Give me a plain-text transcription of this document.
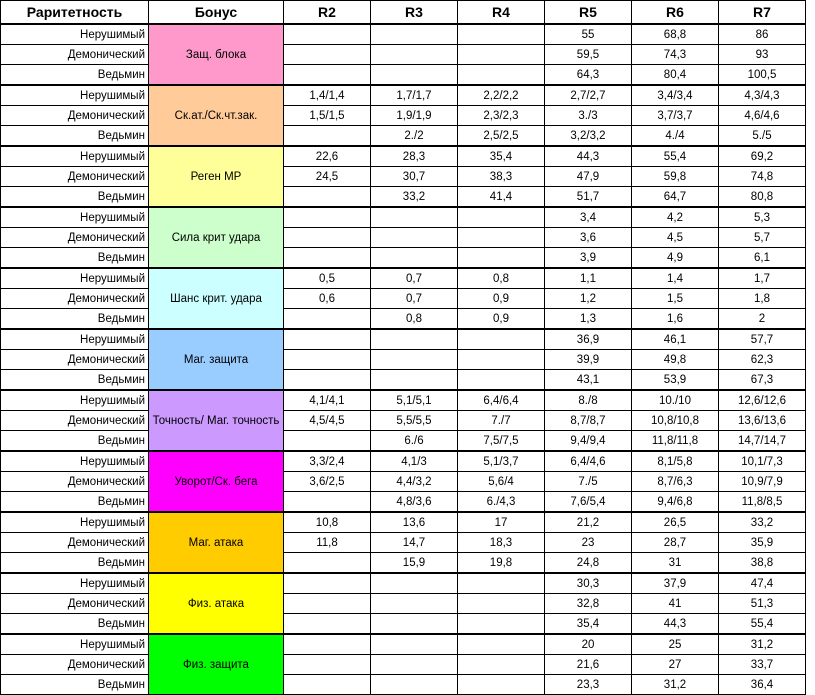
Раритетность	Бонус	R2	R3	R4	R5	R6	R7
Нерушимый	Защ. блока				55	68,8	86
Демонический					59,5	74,3	93
Ведьмин					64,3	80,4	100,5
Нерушимый	Ск.ат./Ск.чт.зак.	1,4/1,4	1,7/1,7	2,2/2,2	2,7/2,7	3,4/3,4	4,3/4,3
Демонический		1,5/1,5	1,9/1,9	2,3/2,3	3./3	3,7/3,7	4,6/4,6
Ведьмин			2./2	2,5/2,5	3,2/3,2	4./4	5./5
Нерушимый	Реген МР	22,6	28,3	35,4	44,3	55,4	69,2
Демонический		24,5	30,7	38,3	47,9	59,8	74,8
Ведьмин			33,2	41,4	51,7	64,7	80,8
Нерушимый	Сила крит удара				3,4	4,2	5,3
Демонический					3,6	4,5	5,7
Ведьмин					3,9	4,9	6,1
Нерушимый	Шанс крит. удара	0,5	0,7	0,8	1,1	1,4	1,7
Демонический		0,6	0,7	0,9	1,2	1,5	1,8
Ведьмин			0,8	0,9	1,3	1,6	2
Нерушимый	Маг. защита				36,9	46,1	57,7
Демонический					39,9	49,8	62,3
Ведьмин					43,1	53,9	67,3
Нерушимый	Точность/ Маг. точность	4,1/4,1	5,1/5,1	6,4/6,4	8./8	10./10	12,6/12,6
Демонический		4,5/4,5	5,5/5,5	7./7	8,7/8,7	10,8/10,8	13,6/13,6
Ведьмин			6./6	7,5/7,5	9,4/9,4	11,8/11,8	14,7/14,7
Нерушимый	Уворот/Ск. бега	3,3/2,4	4,1/3	5,1/3,7	6,4/4,6	8,1/5,8	10,1/7,3
Демонический		3,6/2,5	4,4/3,2	5,6/4	7./5	8,7/6,3	10,9/7,9
Ведьмин			4,8/3,6	6./4,3	7,6/5,4	9,4/6,8	11,8/8,5
Нерушимый	Маг. атака	10,8	13,6	17	21,2	26,5	33,2
Демонический		11,8	14,7	18,3	23	28,7	35,9
Ведьмин			15,9	19,8	24,8	31	38,8
Нерушимый	Физ. атака				30,3	37,9	47,4
Демонический					32,8	41	51,3
Ведьмин					35,4	44,3	55,4
Нерушимый	Физ. защита				20	25	31,2
Демонический					21,6	27	33,7
Ведьмин					23,3	31,2	36,4
